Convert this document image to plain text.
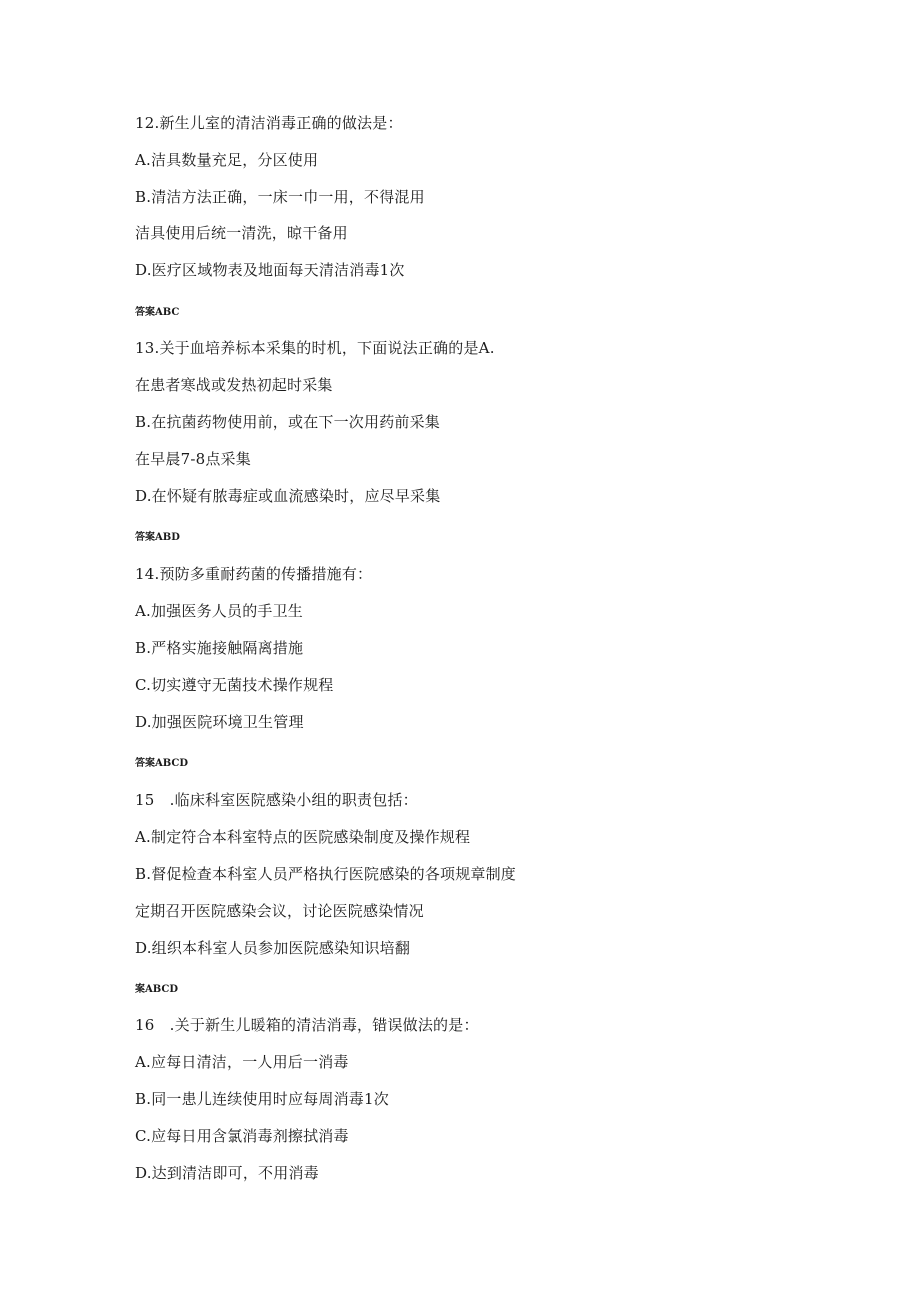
12.新生儿室的清洁消毒正确的做法是：
A.洁具数量充足，分区使用
B.清洁方法正确，一床一巾一用，不得混用
洁具使用后统一清洗，晾干备用
D.医疗区域物表及地面每天清洁消毒1次
答案ABC
13.关于血培养标本采集的时机，下面说法正确的是A.
在患者寒战或发热初起时采集
B.在抗菌药物使用前，或在下一次用药前采集
在早晨7-8点采集
D.在怀疑有脓毒症或血流感染时，应尽早采集
答案ABD
14.预防多重耐药菌的传播措施有：
A.加强医务人员的手卫生
B.严格实施接触隔离措施
C.切实遵守无菌技术操作规程
D.加强医院环境卫生管理
答案ABCD
15　.临床科室医院感染小组的职责包括：
A.制定符合本科室特点的医院感染制度及操作规程
B.督促检查本科室人员严格执行医院感染的各项规章制度
定期召开医院感染会议，讨论医院感染情况
D.组织本科室人员参加医院感染知识培翻
案ABCD
16　.关于新生儿暖箱的清洁消毒，错误做法的是：
A.应每日清洁，一人用后一消毒
B.同一患儿连续使用时应每周消毒1次
C.应每日用含氯消毒剂擦拭消毒
D.达到清洁即可，不用消毒
